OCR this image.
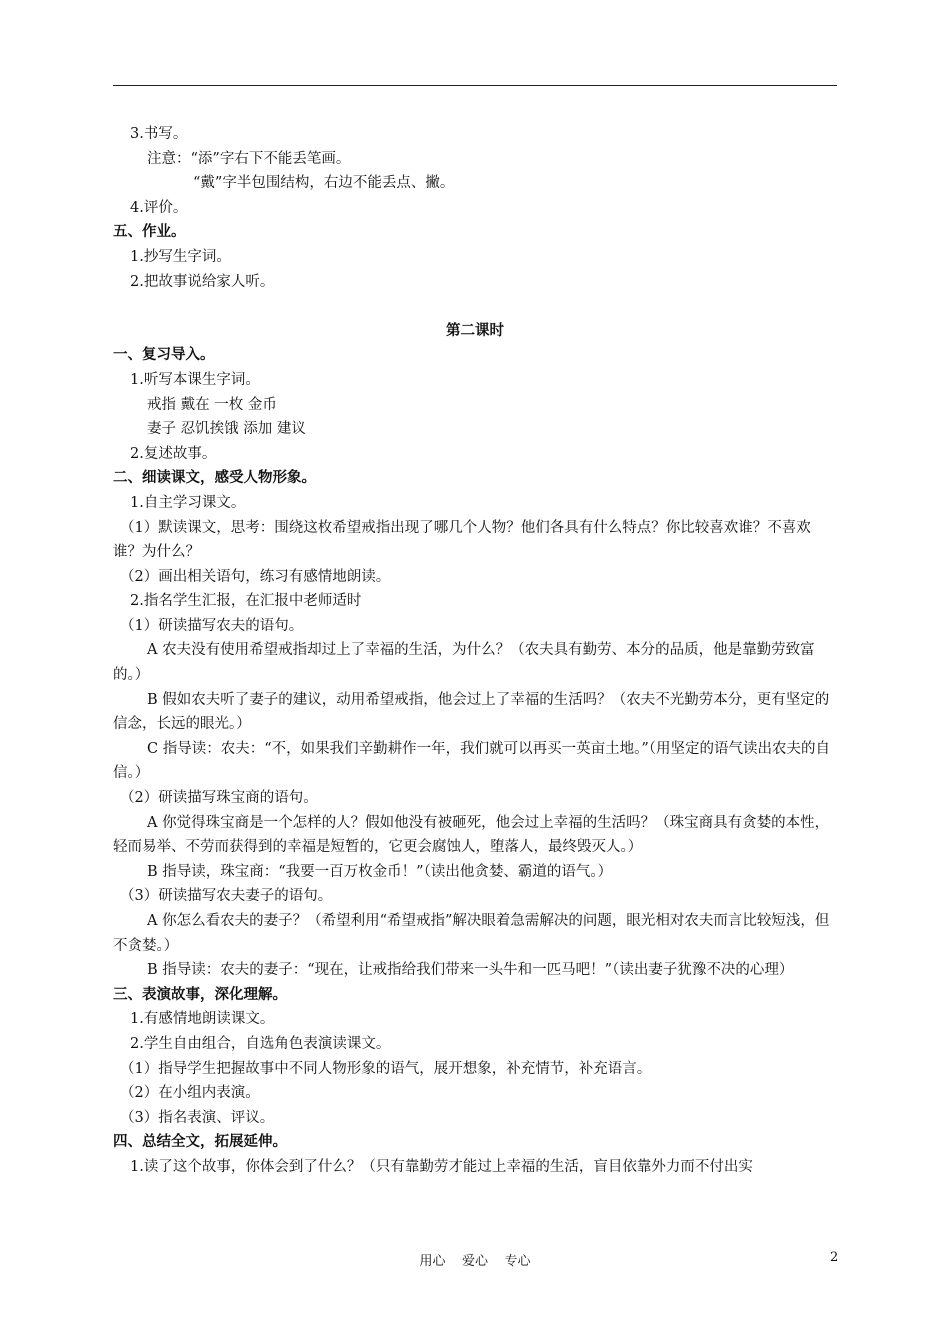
3.书写。
注意：“添”字右下不能丢笔画。
“戴”字半包围结构，右边不能丢点、撇。
4.评价。
五、作业。
1.抄写生字词。
2.把故事说给家人听。
第二课时
一、复习导入。
1.听写本课生字词。
戒指 戴在 一枚 金币
妻子 忍饥挨饿 添加 建议
2.复述故事。
二、细读课文，感受人物形象。
1.自主学习课文。
（1）默读课文，思考：围绕这枚希望戒指出现了哪几个人物？他们各具有什么特点？你比较喜欢谁？不喜欢谁？为什么？
（2）画出相关语句，练习有感情地朗读。
2.指名学生汇报，在汇报中老师适时
（1）研读描写农夫的语句。
A 农夫没有使用希望戒指却过上了幸福的生活，为什么？（农夫具有勤劳、本分的品质，他是靠勤劳致富的。）
B 假如农夫听了妻子的建议，动用希望戒指，他会过上了幸福的生活吗？（农夫不光勤劳本分，更有坚定的信念，长远的眼光。）
C 指导读：农夫：“不，如果我们辛勤耕作一年，我们就可以再买一英亩土地。”（用坚定的语气读出农夫的自信。）
（2）研读描写珠宝商的语句。
A 你觉得珠宝商是一个怎样的人？假如他没有被砸死，他会过上幸福的生活吗？（珠宝商具有贪婪的本性，轻而易举、不劳而获得到的幸福是短暂的，它更会腐蚀人，堕落人，最终毁灭人。）
B 指导读，珠宝商：“我要一百万枚金币！”（读出他贪婪、霸道的语气。）
（3）研读描写农夫妻子的语句。
A 你怎么看农夫的妻子？（希望利用“希望戒指”解决眼着急需解决的问题，眼光相对农夫而言比较短浅，但不贪婪。）
B 指导读：农夫的妻子：“现在，让戒指给我们带来一头牛和一匹马吧！”（读出妻子犹豫不决的心理）
三、表演故事，深化理解。
1.有感情地朗读课文。
2.学生自由组合，自选角色表演读课文。
（1）指导学生把握故事中不同人物形象的语气，展开想象，补充情节，补充语言。
（2）在小组内表演。
（3）指名表演、评议。
四、总结全文，拓展延伸。
1.读了这个故事，你体会到了什么？（只有靠勤劳才能过上幸福的生活，盲目依靠外力而不付出实
用心    爱心    专心	2
